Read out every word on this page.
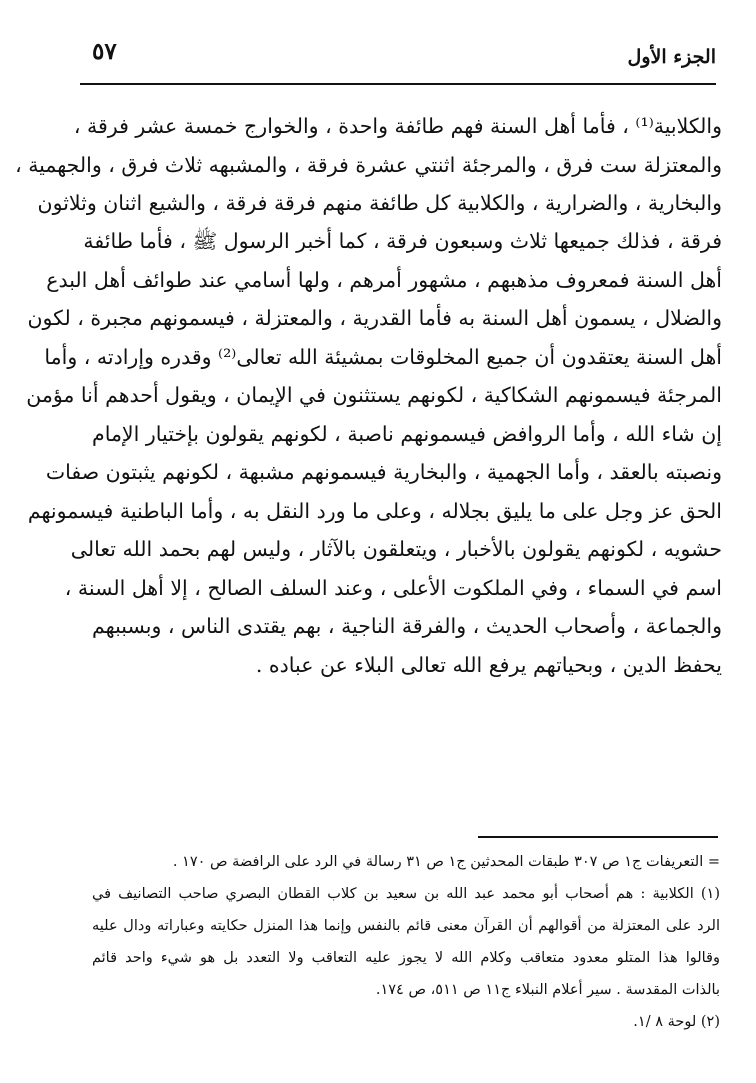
الجزء الأول
٥٧
والكلابية⁽¹⁾ ، فأما أهل السنة فهم طائفة واحدة ، والخوارج خمسة عشر فرقة ،
والمعتزلة ست فرق ، والمرجئة اثنتي عشرة فرقة ، والمشبهه ثلاث فرق ، والجهمية ،
والبخارية ، والضرارية ، والكلابية كل طائفة منهم فرقة فرقة ، والشيع اثنان وثلاثون
فرقة ، فذلك جميعها ثلاث وسبعون فرقة ، كما أخبر الرسول ﷺ ، فأما طائفة
أهل السنة فمعروف مذهبهم ، مشهور أمرهم ، ولها أسامي عند طوائف أهل البدع
والضلال ، يسمون أهل السنة به فأما القدرية ، والمعتزلة ، فيسمونهم مجبرة ، لكون
أهل السنة يعتقدون أن جميع المخلوقات بمشيئة الله تعالى⁽²⁾ وقدره وإرادته ، وأما
المرجئة فيسمونهم الشكاكية ، لكونهم يستثنون في الإيمان ، ويقول أحدهم أنا مؤمن
إن شاء الله ، وأما الروافض فيسمونهم ناصبة ، لكونهم يقولون بإختيار الإمام
ونصبته بالعقد ، وأما الجهمية ، والبخارية فيسمونهم مشبهة ، لكونهم يثبتون صفات
الحق عز وجل على ما يليق بجلاله ، وعلى ما ورد النقل به ، وأما الباطنية فيسمونهم
حشويه ، لكونهم يقولون بالأخبار ، ويتعلقون بالآثار ، وليس لهم بحمد الله تعالى
اسم في السماء ، وفي الملكوت الأعلى ، وعند السلف الصالح ، إلا أهل السنة ،
والجماعة ، وأصحاب الحديث ، والفرقة الناجية ، بهم يقتدى الناس ، وبسببهم
يحفظ الدين ، وبحياتهم يرفع الله تعالى البلاء عن عباده .
= التعريفات ج١ ص ٣٠٧ طبقات المحدثين ج١ ص ٣١ رسالة في الرد على الرافضة ص ١٧٠ .
(١) الكلابية : هم أصحاب أبو محمد عبد الله بن سعيد بن كلاب القطان البصري صاحب التصانيف في
الرد على المعتزلة من أقوالهم أن القرآن معنى قائم بالنفس وإنما هذا المنزل حكايته وعباراته ودال عليه
وقالوا هذا المتلو معدود متعاقب وكلام الله لا يجوز عليه التعاقب ولا التعدد بل هو شيء واحد قائم
بالذات المقدسة . سير أعلام النبلاء ج١١ ص ٥١١، ص ١٧٤.
(٢) لوحة ٨ /١.
